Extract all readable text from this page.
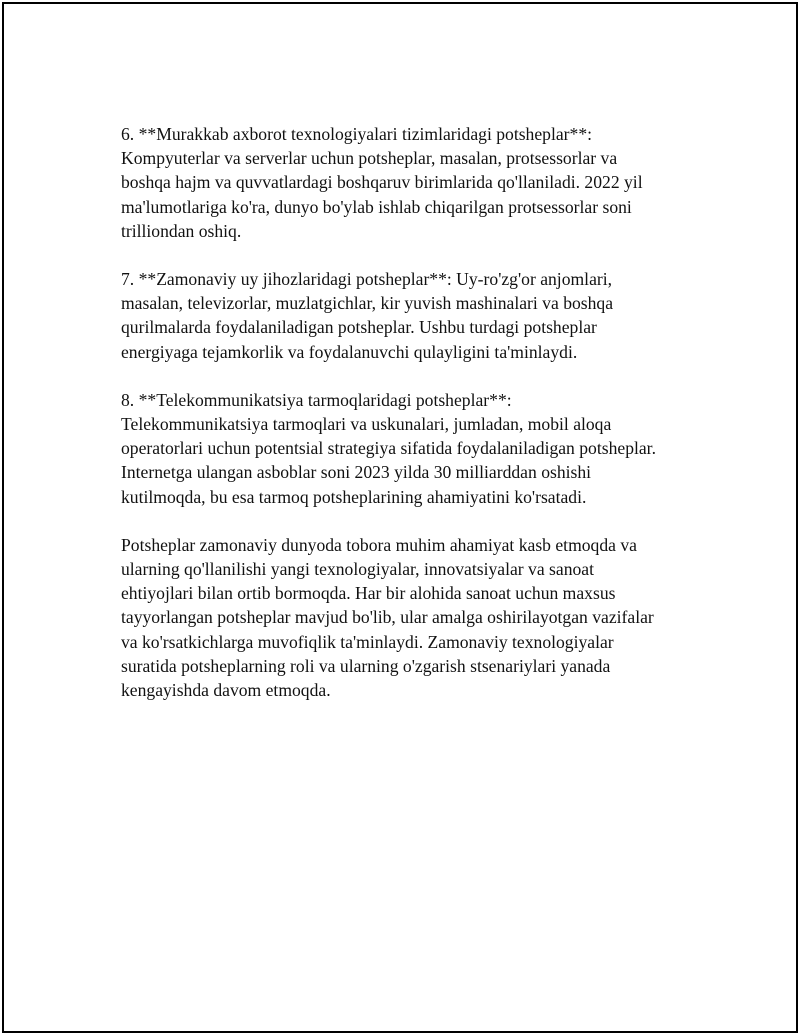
6. **Murakkab axborot texnologiyalari tizimlaridagi potsheplar**:
Kompyuterlar va serverlar uchun potsheplar, masalan, protsessorlar va
boshqa hajm va quvvatlardagi boshqaruv birimlarida qo'llaniladi. 2022 yil
ma'lumotlariga ko'ra, dunyo bo'ylab ishlab chiqarilgan protsessorlar soni
trilliondan oshiq.

7. **Zamonaviy uy jihozlaridagi potsheplar**: Uy-ro'zg'or anjomlari,
masalan, televizorlar, muzlatgichlar, kir yuvish mashinalari va boshqa
qurilmalarda foydalaniladigan potsheplar. Ushbu turdagi potsheplar
energiyaga tejamkorlik va foydalanuvchi qulayligini ta'minlaydi.

8. **Telekommunikatsiya tarmoqlaridagi potsheplar**:
Telekommunikatsiya tarmoqlari va uskunalari, jumladan, mobil aloqa
operatorlari uchun potentsial strategiya sifatida foydalaniladigan potsheplar.
Internetga ulangan asboblar soni 2023 yilda 30 milliarddan oshishi
kutilmoqda, bu esa tarmoq potsheplarining ahamiyatini ko'rsatadi.

Potsheplar zamonaviy dunyoda tobora muhim ahamiyat kasb etmoqda va
ularning qo'llanilishi yangi texnologiyalar, innovatsiyalar va sanoat
ehtiyojlari bilan ortib bormoqda. Har bir alohida sanoat uchun maxsus
tayyorlangan potsheplar mavjud bo'lib, ular amalga oshirilayotgan vazifalar
va ko'rsatkichlarga muvofiqlik ta'minlaydi. Zamonaviy texnologiyalar
suratida potsheplarning roli va ularning o'zgarish stsenariylari yanada
kengayishda davom etmoqda.
